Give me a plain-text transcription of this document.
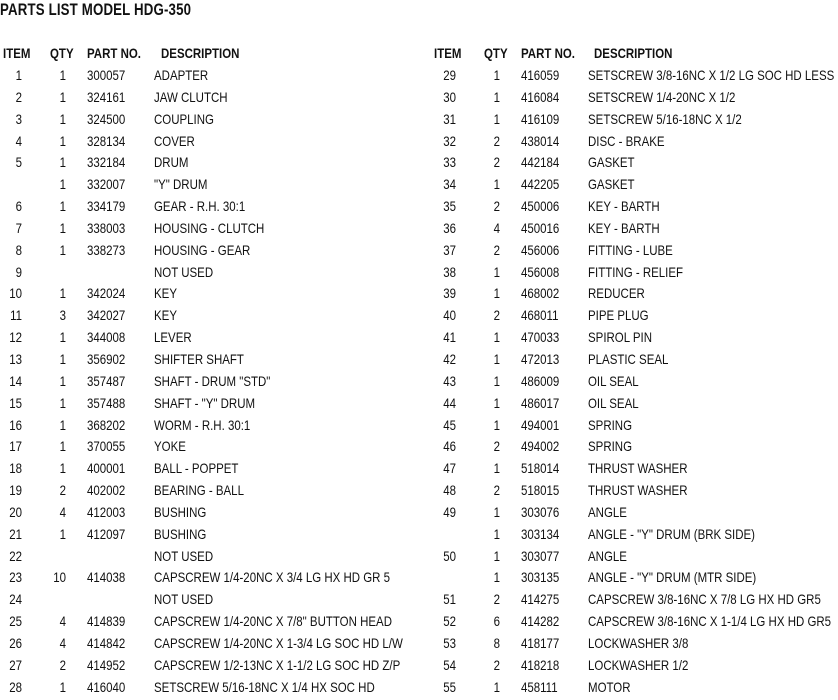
PARTS LIST MODEL HDG-350
ITEM QTY PART NO. DESCRIPTION
1	1 300057 ADAPTER
2	1 324161 JAW CLUTCH
3	1 324500 COUPLING
4	1 328134 COVER
5	1 332184 DRUM
1 332007 "Y" DRUM
6	1 334179 GEAR - R.H. 30:1
7	1 338003 HOUSING - CLUTCH
8	1 338273 HOUSING - GEAR
9	NOT USED
10	1 342024 KEY
11	3 342027 KEY
12	1 344008 LEVER
13	1 356902 SHIFTER SHAFT
14	1 357487 SHAFT - DRUM "STD"
15	1 357488 SHAFT - "Y" DRUM
16	1 368202 WORM - R.H. 30:1
17	1 370055 YOKE
18	1 400001 BALL - POPPET
19	2 402002 BEARING - BALL
20	4 412003 BUSHING
21	1 412097 BUSHING
22	NOT USED
23	10 414038 CAPSCREW 1/4-20NC X 3/4 LG HX HD GR 5
24	NOT USED
25	4 414839 CAPSCREW 1/4-20NC X 7/8" BUTTON HEAD
26	4 414842 CAPSCREW 1/4-20NC X 1-3/4 LG SOC HD L/W
27	2 414952 CAPSCREW 1/2-13NC X 1-1/2 LG SOC HD Z/P
28	1 416040 SETSCREW 5/16-18NC X 1/4 HX SOC HD
ITEM QTY PART NO. DESCRIPTION
29	1 416059 SETSCREW 3/8-16NC X 1/2 LG SOC HD LESS
30	1 416084 SETSCREW 1/4-20NC X 1/2
31	1 416109 SETSCREW 5/16-18NC X 1/2
32	2 438014 DISC - BRAKE
33	2 442184 GASKET
34	1 442205 GASKET
35	2 450006 KEY - BARTH
36	4 450016 KEY - BARTH
37	2 456006 FITTING - LUBE
38	1 456008 FITTING - RELIEF
39	1 468002 REDUCER
40	2 468011 PIPE PLUG
41	1 470033 SPIROL PIN
42	1 472013 PLASTIC SEAL
43	1 486009 OIL SEAL
44	1 486017 OIL SEAL
45	1 494001 SPRING
46	2 494002 SPRING
47	1 518014 THRUST WASHER
48	2 518015 THRUST WASHER
49	1 303076 ANGLE
1 303134 ANGLE - "Y" DRUM (BRK SIDE)
50	1 303077 ANGLE
1 303135 ANGLE - "Y" DRUM (MTR SIDE)
51	2 414275 CAPSCREW 3/8-16NC X 7/8 LG HX HD GR5
52	6 414282 CAPSCREW 3/8-16NC X 1-1/4 LG HX HD GR5
53	8 418177 LOCKWASHER 3/8
54	2 418218 LOCKWASHER 1/2
55	1 458111 MOTOR
